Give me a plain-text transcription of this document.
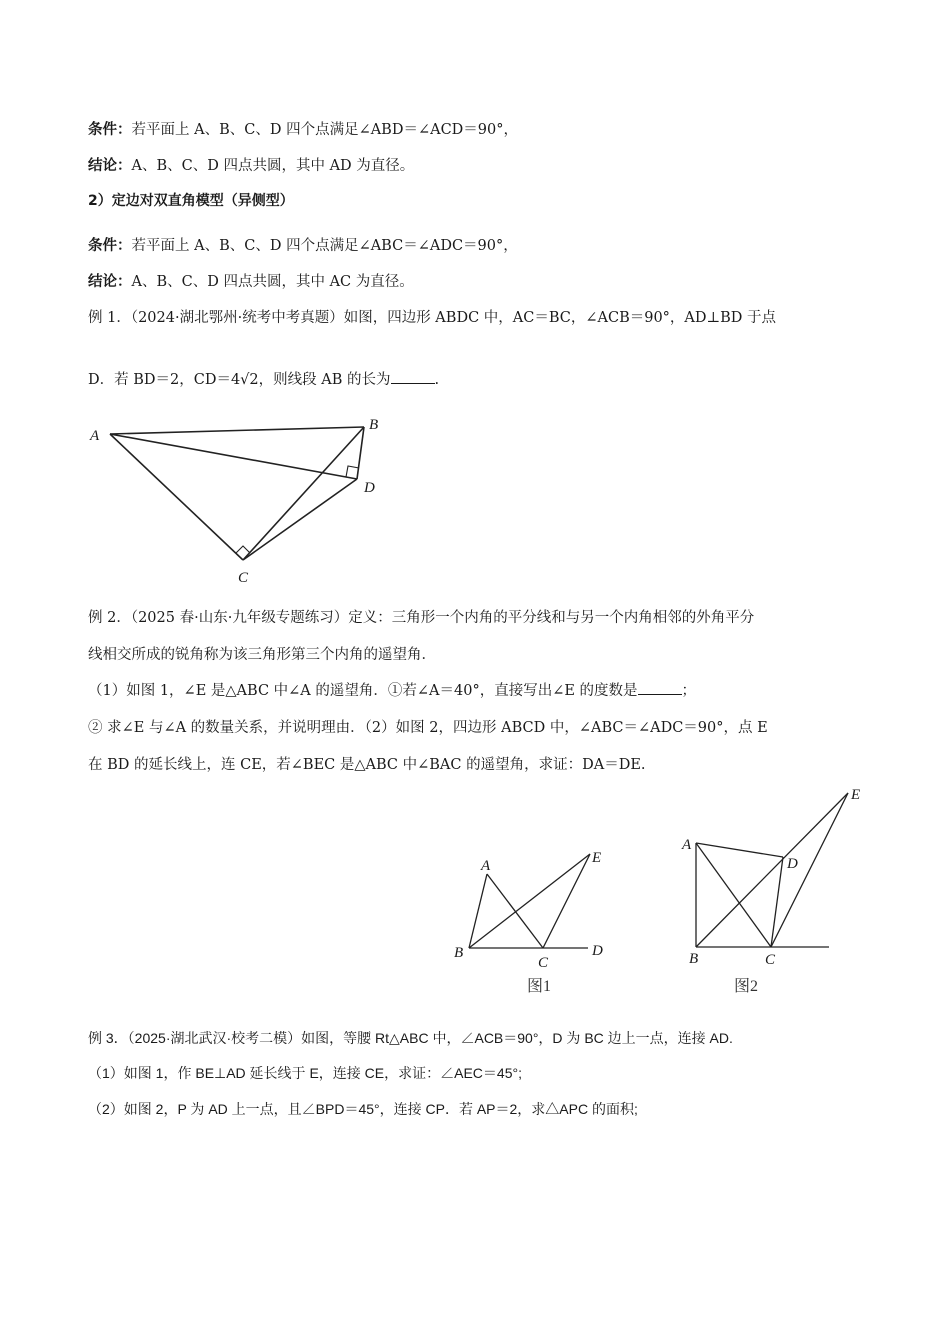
条件：若平面上 A、B、C、D 四个点满足∠ABD＝∠ACD＝90°，
结论：A、B、C、D 四点共圆，其中 AD 为直径。
2）定边对双直角模型（异侧型）
条件：若平面上 A、B、C、D 四个点满足∠ABC＝∠ADC＝90°，
结论：A、B、C、D 四点共圆，其中 AC 为直径。
例 1．（2024·湖北鄂州·统考中考真题）如图，四边形 ABDC 中，AC＝BC，∠ACB＝90°，AD⊥BD 于点
D．若 BD＝2，CD＝4√2，则线段 AB 的长为	.
A
B
D
C
例 2．（2025 春·山东·九年级专题练习）定义：三角形一个内角的平分线和与另一个内角相邻的外角平分
线相交所成的锐角称为该三角形第三个内角的遥望角．
（1）如图 1，∠E 是△ABC 中∠A 的遥望角．①若∠A＝40°，直接写出∠E 的度数是	；
② 求∠E 与∠A 的数量关系，并说明理由．（2）如图 2，四边形 ABCD 中，∠ABC＝∠ADC＝90°，点 E
在 BD 的延长线上，连 CE，若∠BEC 是△ABC 中∠BAC 的遥望角，求证：DA＝DE.
A	E
B
C
D
图1
A
D
E
B	C
图2
例 3．（2025·湖北武汉·校考二模）如图，等腰 Rt△ABC 中，∠ACB＝90°，D 为 BC 边上一点，连接 AD.
（1）如图 1，作 BE⊥AD 延长线于 E，连接 CE，求证：∠AEC＝45°;
（2）如图 2，P 为 AD 上一点，且∠BPD＝45°，连接 CP．若 AP＝2，求△APC 的面积;
